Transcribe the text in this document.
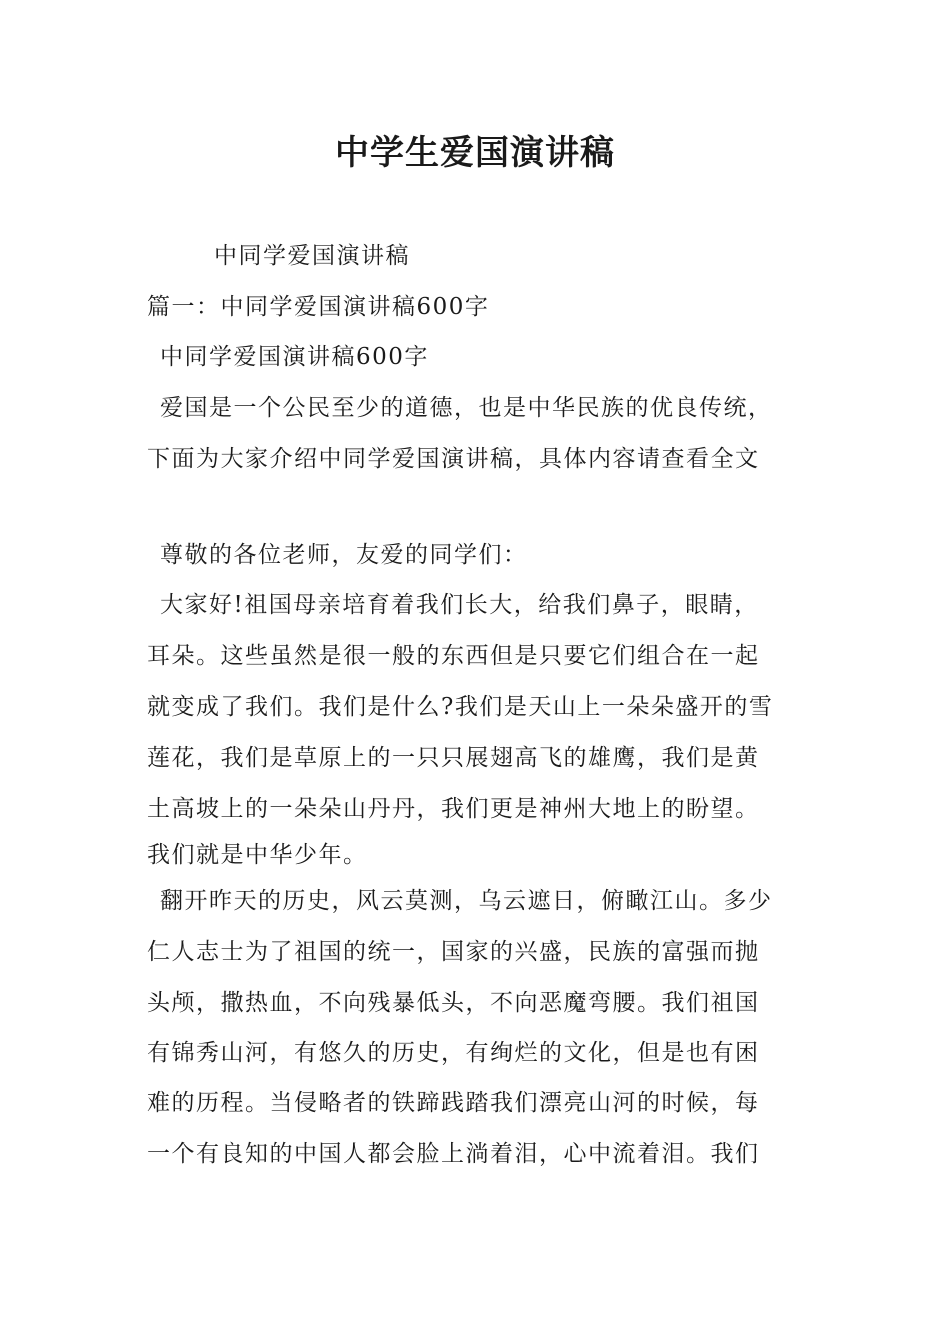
中学生爱国演讲稿

中同学爱国演讲稿

篇一：中同学爱国演讲稿600字

中同学爱国演讲稿600字

爱国是一个公民至少的道德，也是中华民族的优良传统，

下面为大家介绍中同学爱国演讲稿，具体内容请查看全文

尊敬的各位老师，友爱的同学们：

大家好!祖国母亲培育着我们长大，给我们鼻子，眼睛，

耳朵。这些虽然是很一般的东西但是只要它们组合在一起

就变成了我们。我们是什么?我们是天山上一朵朵盛开的雪

莲花，我们是草原上的一只只展翅高飞的雄鹰，我们是黄

土高坡上的一朵朵山丹丹，我们更是神州大地上的盼望。

我们就是中华少年。

翻开昨天的历史，风云莫测，乌云遮日，俯瞰江山。多少

仁人志士为了祖国的统一，国家的兴盛，民族的富强而抛

头颅，撒热血，不向残暴低头，不向恶魔弯腰。我们祖国

有锦秀山河，有悠久的历史，有绚烂的文化，但是也有困

难的历程。当侵略者的铁蹄践踏我们漂亮山河的时候，每

一个有良知的中国人都会脸上淌着泪，心中流着泪。我们
